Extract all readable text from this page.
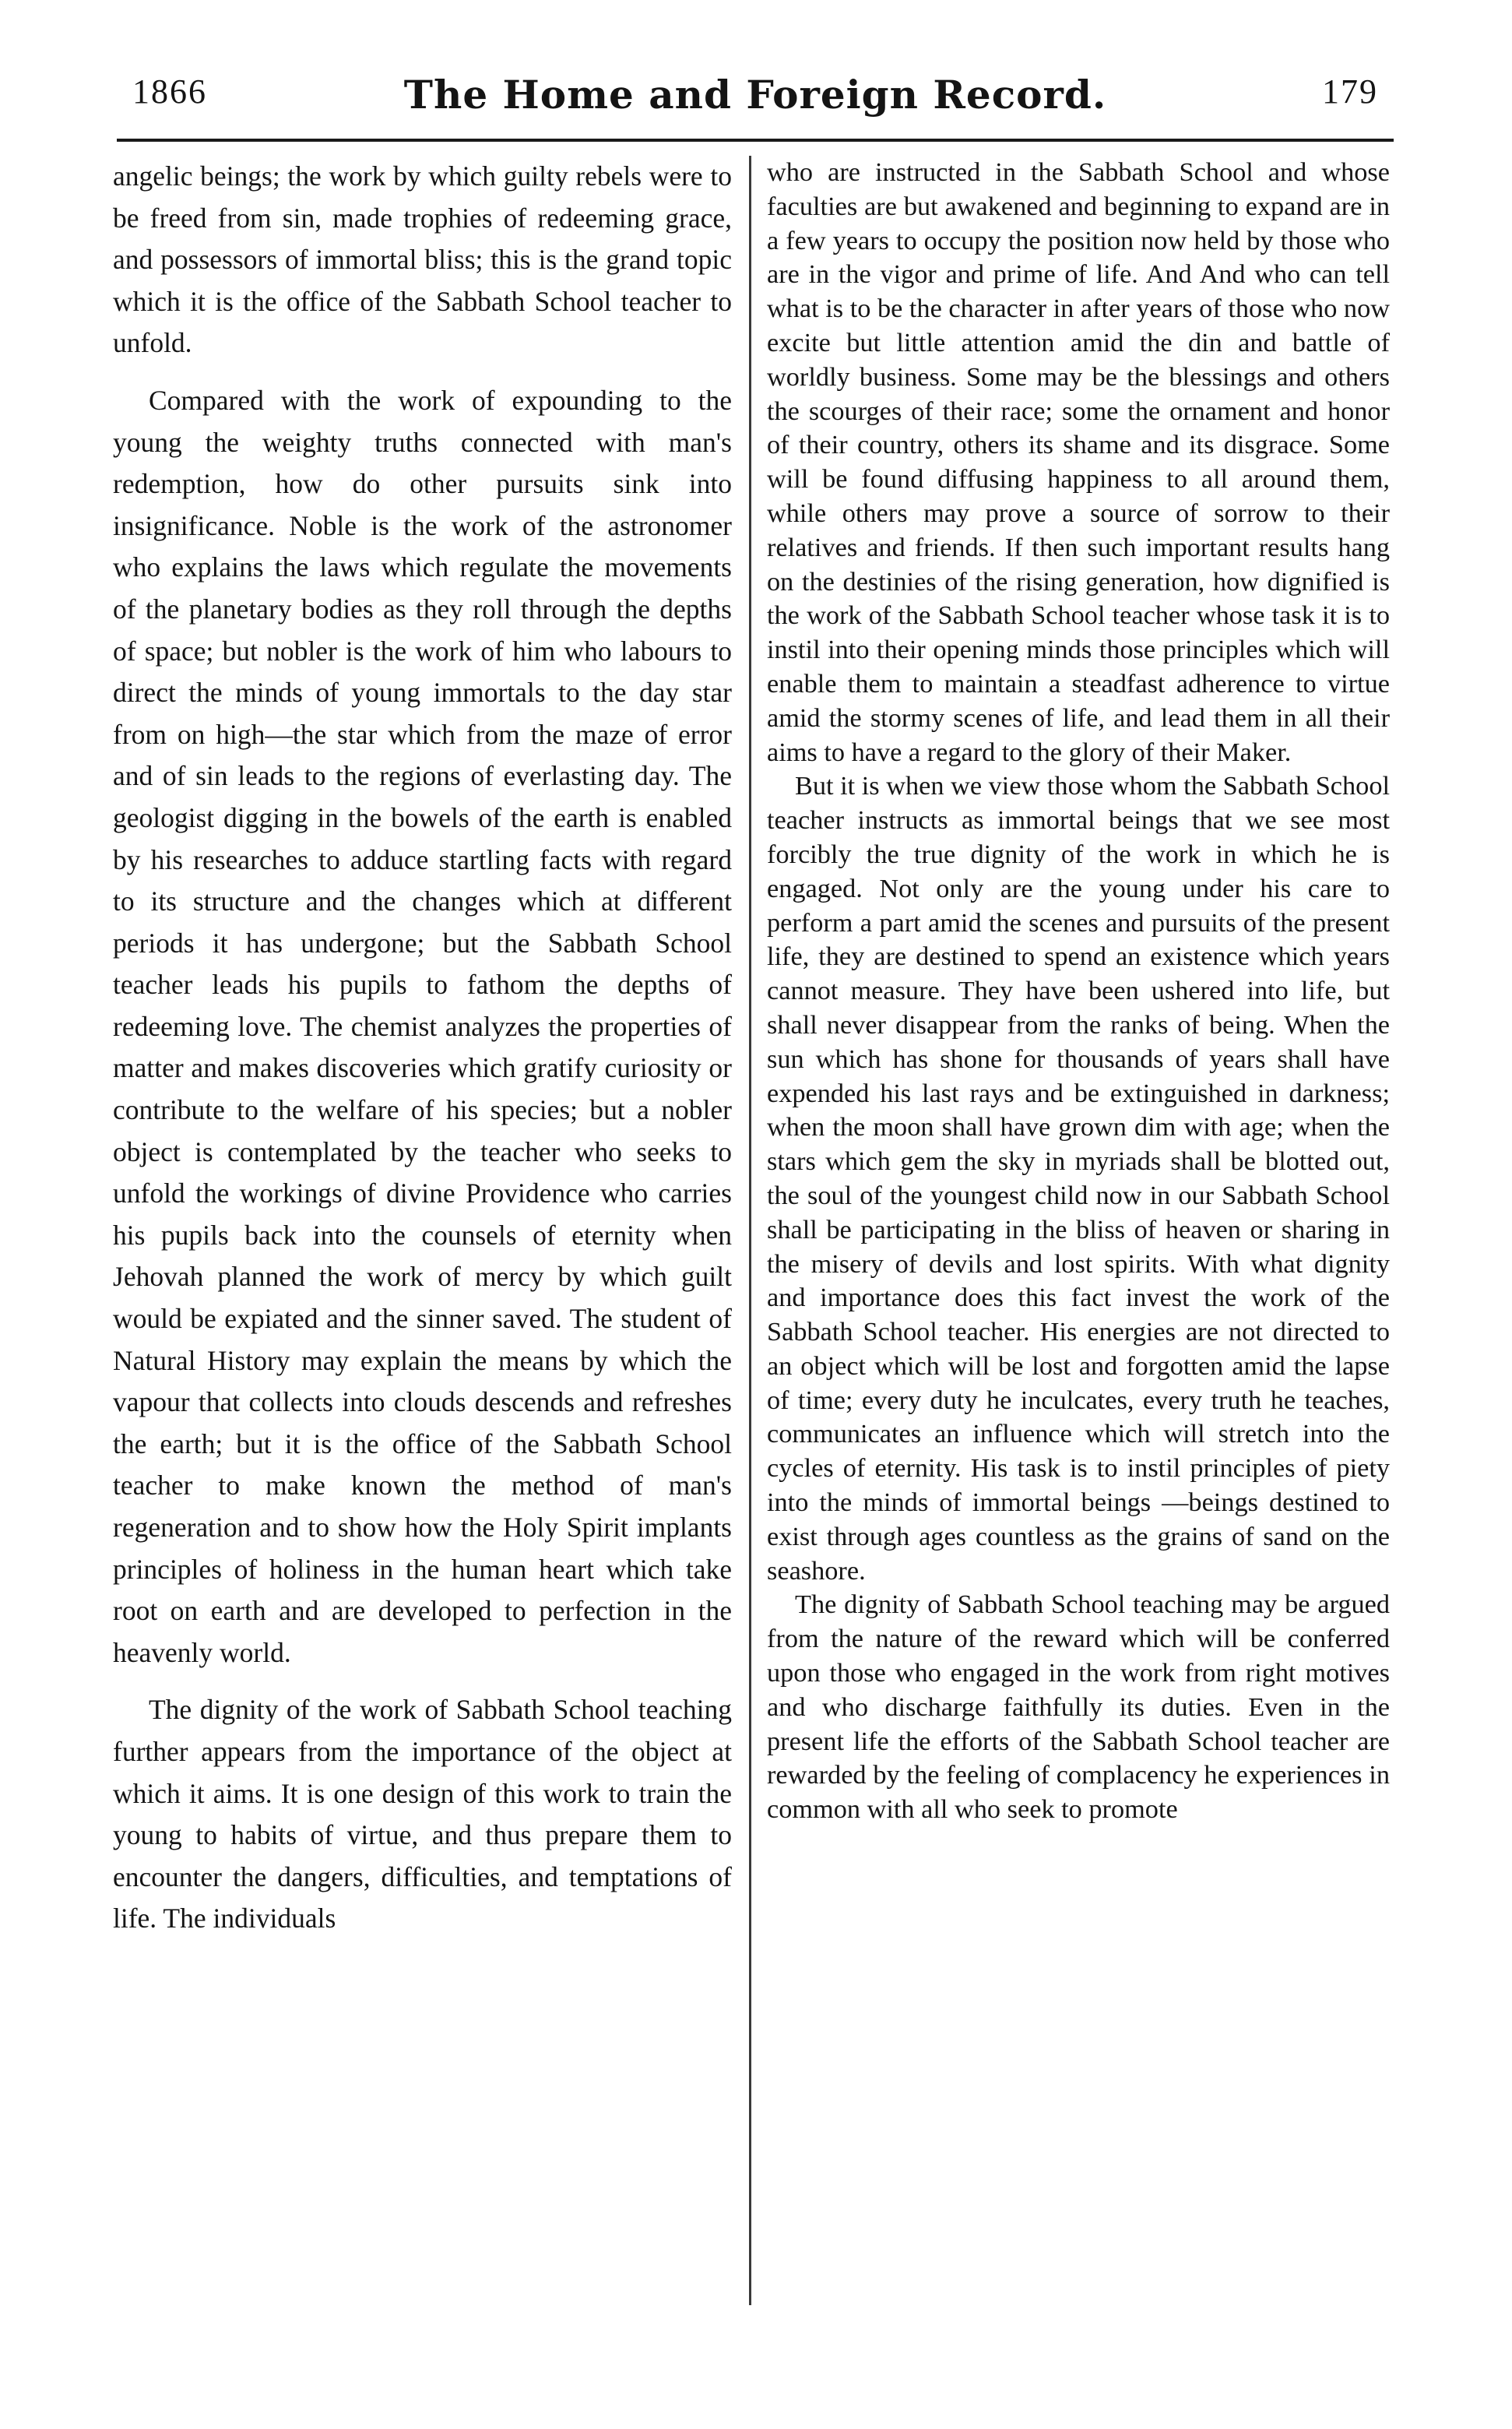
1866	The Home and Foreign Record.	179

angelic beings; the work by which guilty rebels were to be freed from sin, made trophies of redeeming grace, and possessors of immortal bliss; this is the grand topic which it is the office of the Sabbath School teacher to unfold.

Compared with the work of expounding to the young the weighty truths connected with man's redemption, how do other pursuits sink into insignificance. Noble is the work of the astronomer who explains the laws which regulate the movements of the planetary bodies as they roll through the depths of space; but nobler is the work of him who labours to direct the minds of young immortals to the day star from on high—the star which from the maze of error and of sin leads to the regions of everlasting day. The geologist digging in the bowels of the earth is enabled by his researches to adduce startling facts with regard to its structure and the changes which at different periods it has undergone; but the Sabbath School teacher leads his pupils to fathom the depths of redeeming love. The chemist analyzes the properties of matter and makes discoveries which gratify curiosity or contribute to the welfare of his species; but a nobler object is contemplated by the teacher who seeks to unfold the workings of divine Providence who carries his pupils back into the counsels of eternity when Jehovah planned the work of mercy by which guilt would be expiated and the sinner saved. The student of Natural History may explain the means by which the vapour that collects into clouds descends and refreshes the earth; but it is the office of the Sabbath School teacher to make known the method of man's regeneration and to show how the Holy Spirit implants principles of holiness in the human heart which take root on earth and are developed to perfection in the heavenly world.

The dignity of the work of Sabbath School teaching further appears from the importance of the object at which it aims. It is one design of this work to train the young to habits of virtue, and thus prepare them to encounter the dangers, difficulties, and temptations of life. The individuals

who are instructed in the Sabbath School and whose faculties are but awakened and beginning to expand are in a few years to occupy the position now held by those who are in the vigor and prime of life. And And who can tell what is to be the character in after years of those who now excite but little attention amid the din and battle of worldly business. Some may be the blessings and others the scourges of their race; some the ornament and honor of their country, others its shame and its disgrace. Some will be found diffusing happiness to all around them, while others may prove a source of sorrow to their relatives and friends. If then such important results hang on the destinies of the rising generation, how dignified is the work of the Sabbath School teacher whose task it is to instil into their opening minds those principles which will enable them to maintain a steadfast adherence to virtue amid the stormy scenes of life, and lead them in all their aims to have a regard to the glory of their Maker.

But it is when we view those whom the Sabbath School teacher instructs as immortal beings that we see most forcibly the true dignity of the work in which he is engaged. Not only are the young under his care to perform a part amid the scenes and pursuits of the present life, they are destined to spend an existence which years cannot measure. They have been ushered into life, but shall never disappear from the ranks of being. When the sun which has shone for thousands of years shall have expended his last rays and be extinguished in darkness; when the moon shall have grown dim with age; when the stars which gem the sky in myriads shall be blotted out, the soul of the youngest child now in our Sabbath School shall be participating in the bliss of heaven or sharing in the misery of devils and lost spirits. With what dignity and importance does this fact invest the work of the Sabbath School teacher. His energies are not directed to an object which will be lost and forgotten amid the lapse of time; every duty he inculcates, every truth he teaches, communicates an influence which will stretch into the cycles of eternity. His task is to instil principles of piety into the minds of immortal beings —beings destined to exist through ages countless as the grains of sand on the seashore.

The dignity of Sabbath School teaching may be argued from the nature of the reward which will be conferred upon those who engaged in the work from right motives and who discharge faithfully its duties. Even in the present life the efforts of the Sabbath School teacher are rewarded by the feeling of complacency he experiences in common with all who seek to promote
